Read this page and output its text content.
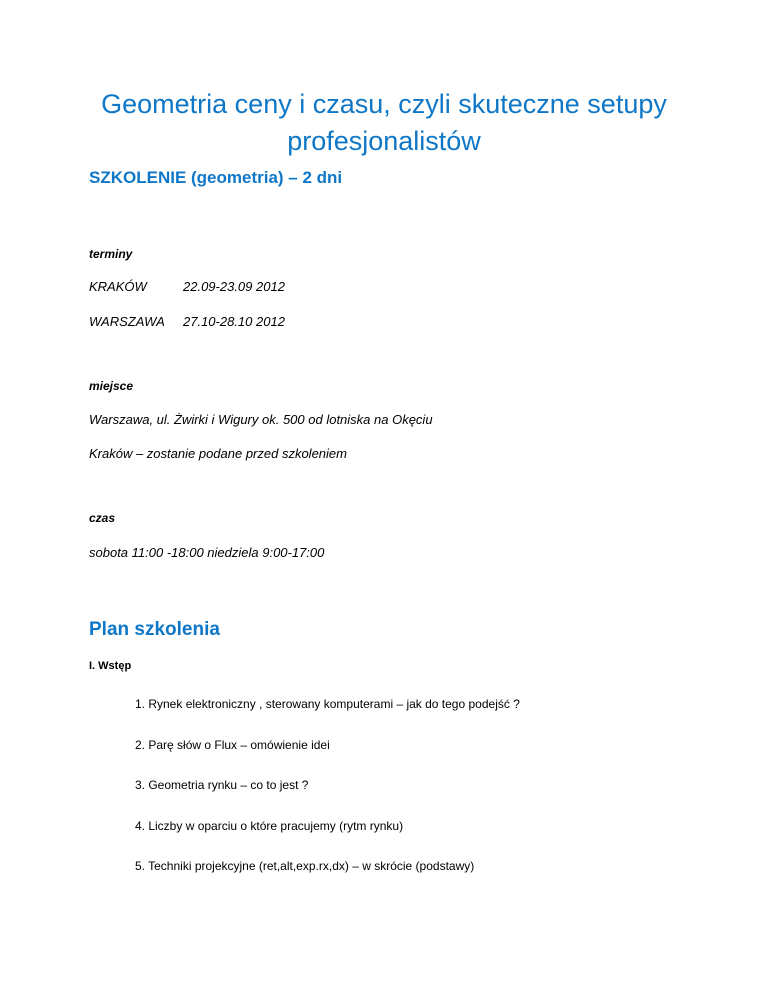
Geometria ceny i czasu, czyli skuteczne setupy profesjonalistów
SZKOLENIE (geometria) – 2 dni

terminy

KRAKÓW	22.09-23.09 2012

WARSZAWA 27.10-28.10 2012

miejsce

Warszawa, ul. Żwirki i Wigury ok. 500 od lotniska na Okęciu

Kraków – zostanie podane przed szkoleniem

czas

sobota 11:00 -18:00 niedziela 9:00-17:00

Plan szkolenia

I. Wstęp

1. Rynek elektroniczny , sterowany komputerami – jak do tego podejść ?

2. Parę słów o Flux – omówienie idei

3. Geometria rynku – co to jest ?

4. Liczby w oparciu o które pracujemy (rytm rynku)

5. Techniki projekcyjne (ret,alt,exp.rx,dx) – w skrócie (podstawy)
